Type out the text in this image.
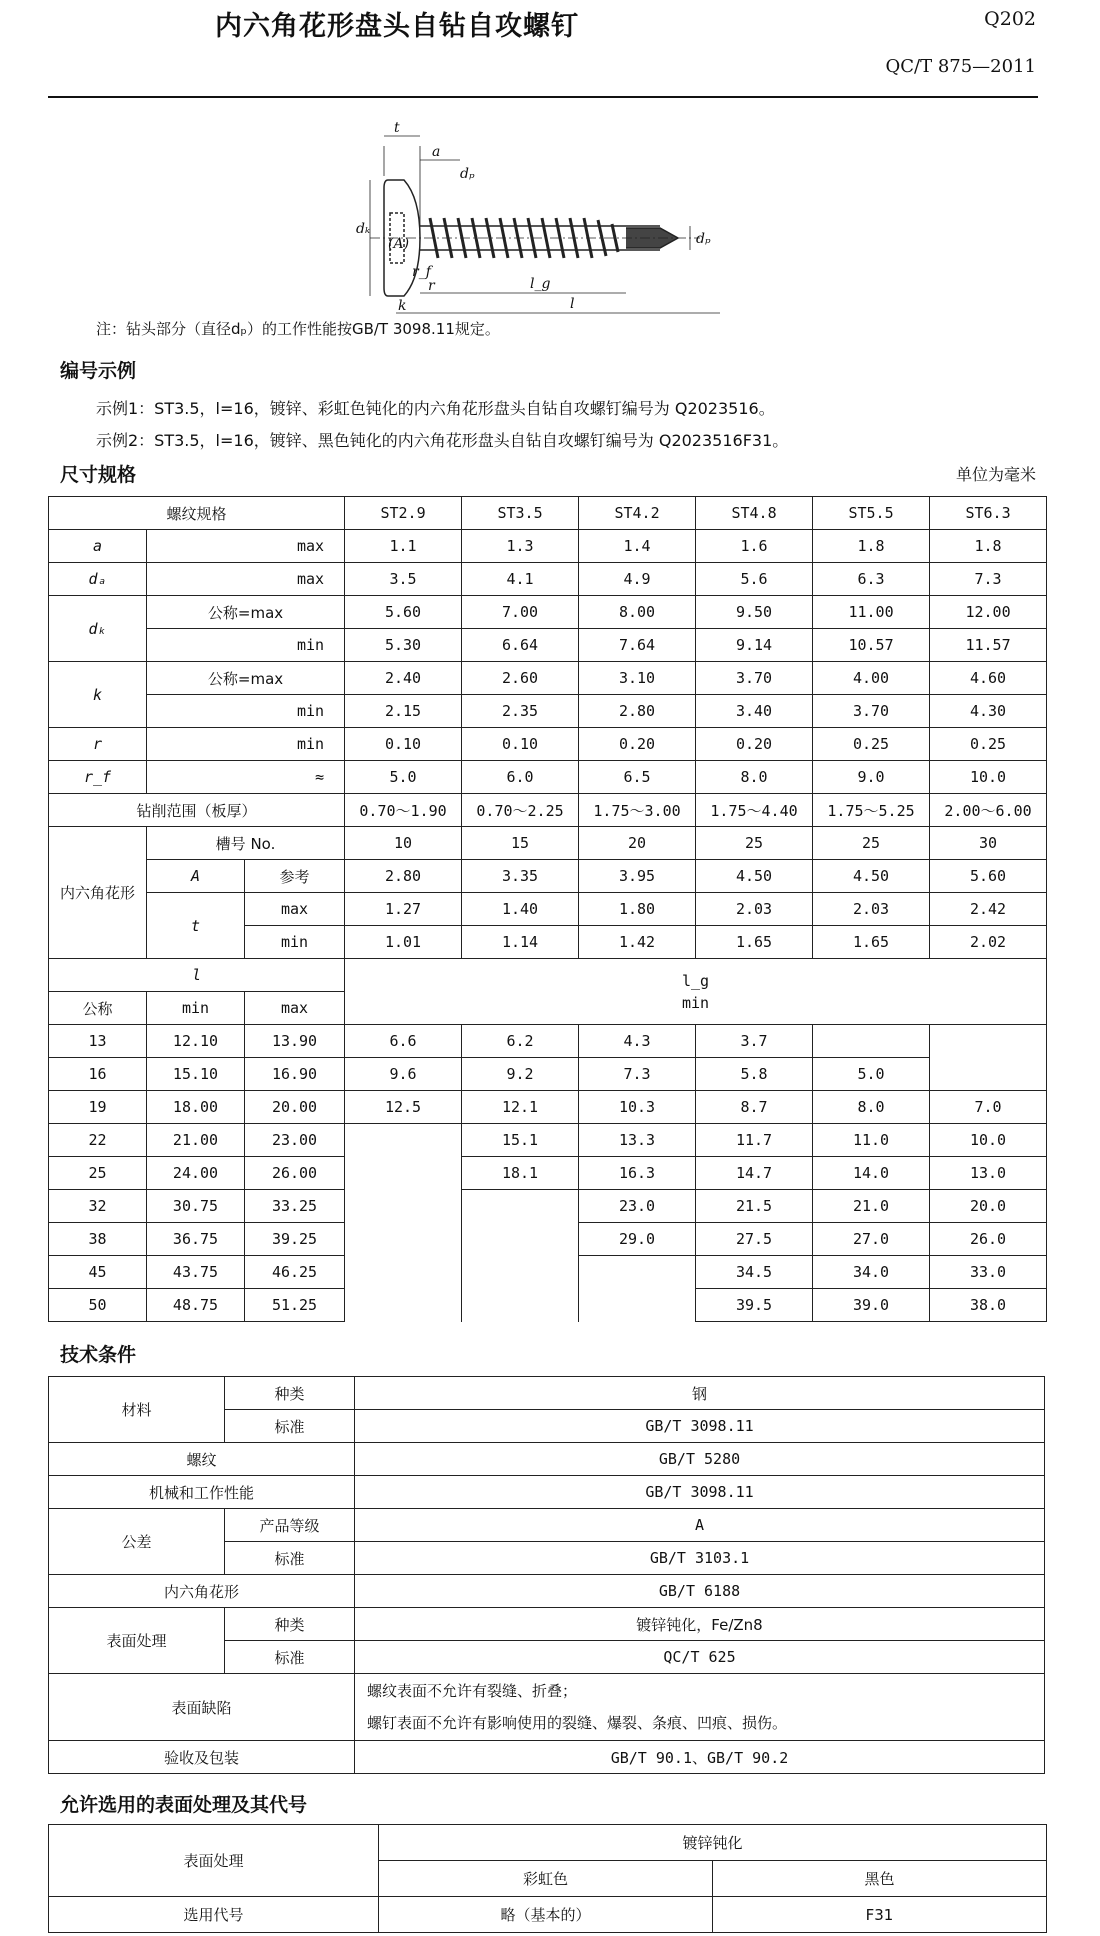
内六角花形盘头自钻自攻螺钉	Q202
QC/T 875—2011
t
a
dₚ
dₖ
(A)
r_f
r	l_g
k	l
dₚ
注：钻头部分（直径dₚ）的工作性能按GB/T 3098.11规定。
编号示例
示例1：ST3.5，l=16，镀锌、彩虹色钝化的内六角花形盘头自钻自攻螺钉编号为 Q2023516。
示例2：ST3.5，l=16，镀锌、黑色钝化的内六角花形盘头自钻自攻螺钉编号为 Q2023516F31。
尺寸规格	单位为毫米
螺纹规格			ST2.9	ST3.5	ST4.2	ST4.8	ST5.5	ST6.3
a	max		1.1	1.3	1.4	1.6	1.8	1.8
dₐ	max		3.5	4.1	4.9	5.6	6.3	7.3
dₖ	公称=max		5.60	7.00	8.00	9.50	11.00	12.00
	min		5.30	6.64	7.64	9.14	10.57	11.57
k	公称=max		2.40	2.60	3.10	3.70	4.00	4.60
	min		2.15	2.35	2.80	3.40	3.70	4.30
r	min		0.10	0.10	0.20	0.20	0.25	0.25
r_f	≈		5.0	6.0	6.5	8.0	9.0	10.0
钻削范围（板厚）			0.70～1.90	0.70～2.25	1.75～3.00	1.75～4.40	1.75～5.25	2.00～6.00
内六角花形	槽号 No.		10	15	20	25	25	30
	A	参考	2.80	3.35	3.95	4.50	4.50	5.60
	t	max	1.27	1.40	1.80	2.03	2.03	2.42
		min	1.01	1.14	1.42	1.65	1.65	2.02
l			l_g
min					
公称	min	max						
13	12.10	13.90	6.6	6.2	4.3	3.7		
16	15.10	16.90	9.6	9.2	7.3	5.8	5.0	
19	18.00	20.00	12.5	12.1	10.3	8.7	8.0	7.0
22	21.00	23.00		15.1	13.3	11.7	11.0	10.0
25	24.00	26.00		18.1	16.3	14.7	14.0	13.0
32	30.75	33.25			23.0	21.5	21.0	20.0
38	36.75	39.25			29.0	27.5	27.0	26.0
45	43.75	46.25				34.5	34.0	33.0
50	48.75	51.25				39.5	39.0	38.0
技术条件
材料	种类	钢
	标准	GB/T 3098.11
螺纹		GB/T 5280
机械和工作性能		GB/T 3098.11
公差	产品等级	A
	标准	GB/T 3103.1
内六角花形		GB/T 6188
表面处理	种类	镀锌钝化，Fe/Zn8
	标准	QC/T 625
表面缺陷		螺纹表面不允许有裂缝、折叠；
螺钉表面不允许有影响使用的裂缝、爆裂、条痕、凹痕、损伤。
验收及包装		GB/T 90.1、GB/T 90.2
允许选用的表面处理及其代号
表面处理	镀锌钝化	
	彩虹色	黑色
选用代号	略（基本的）	F31
